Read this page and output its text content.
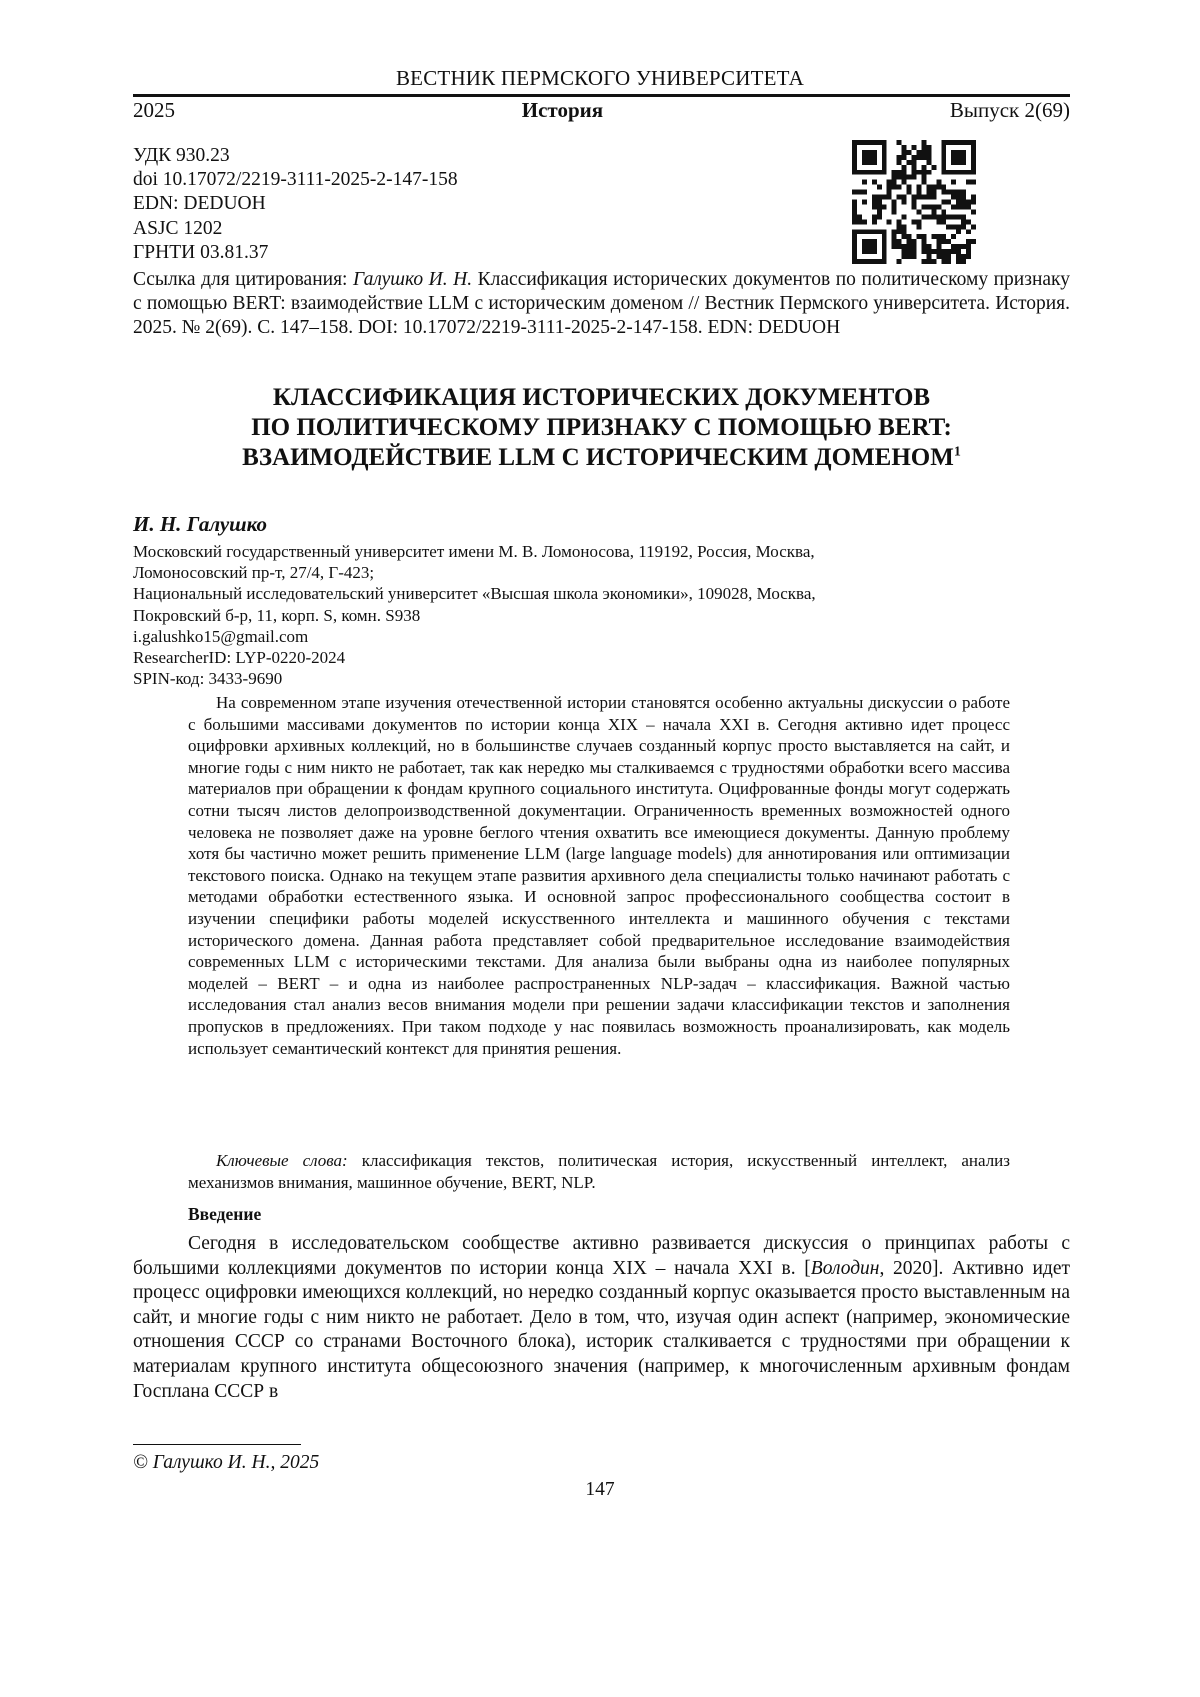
ВЕСТНИК ПЕРМСКОГО УНИВЕРСИТЕТА
2025	История	Выпуск 2(69)
УДК 930.23
doi 10.17072/2219-3111-2025-2-147-158
EDN: DEDUOH
ASJC 1202
ГРНТИ 03.81.37
Ссылка для цитирования: Галушко И. Н. Классификация исторических документов по политическому признаку с помощью BERT: взаимодействие LLM с историческим доменом // Вестник Пермского университета. История. 2025. № 2(69). С. 147–158. DOI: 10.17072/2219-3111-2025-2-147-158. EDN: DEDUOH
КЛАССИФИКАЦИЯ ИСТОРИЧЕСКИХ ДОКУМЕНТОВ
ПО ПОЛИТИЧЕСКОМУ ПРИЗНАКУ С ПОМОЩЬЮ BERT:
ВЗАИМОДЕЙСТВИЕ LLM С ИСТОРИЧЕСКИМ ДОМЕНОМ1
И. Н. Галушко
Московский государственный университет имени М. В. Ломоносова, 119192, Россия, Москва,
Ломоносовский пр-т, 27/4, Г-423;
Национальный исследовательский университет «Высшая школа экономики», 109028, Москва,
Покровский б-р, 11, корп. S, комн. S938
i.galushko15@gmail.com
ResearcherID: LYP-0220-2024
SPIN-код: 3433-9690
На современном этапе изучения отечественной истории становятся особенно актуальны дискуссии о работе с большими массивами документов по истории конца XIX – начала XXI в. Сегодня активно идет процесс оцифровки архивных коллекций, но в большинстве случаев созданный корпус просто выставляется на сайт, и многие годы с ним никто не работает, так как нередко мы сталкиваемся с трудностями обработки всего массива материалов при обращении к фондам крупного социального института. Оцифрованные фонды могут содержать сотни тысяч листов делопроизводственной документации. Ограниченность временных возможностей одного человека не позволяет даже на уровне беглого чтения охватить все имеющиеся документы. Данную проблему хотя бы частично может решить применение LLM (large language models) для аннотирования или оптимизации текстового поиска. Однако на текущем этапе развития архивного дела специалисты только начинают работать с методами обработки естественного языка. И основной запрос профессионального сообщества состоит в изучении специфики работы моделей искусственного интеллекта и машинного обучения с текстами исторического домена. Данная работа представляет собой предварительное исследование взаимодействия современных LLM с историческими текстами. Для анализа были выбраны одна из наиболее популярных моделей – BERT – и одна из наиболее распространенных NLP-задач – классификация. Важной частью исследования стал анализ весов внимания модели при решении задачи классификации текстов и заполнения пропусков в предложениях. При таком подходе у нас появилась возможность проанализировать, как модель использует семантический контекст для принятия решения.
Ключевые слова: классификация текстов, политическая история, искусственный интеллект, анализ механизмов внимания, машинное обучение, BERT, NLP.
Введение
Сегодня в исследовательском сообществе активно развивается дискуссия о принципах работы с большими коллекциями документов по истории конца XIX – начала XXI в. [Володин, 2020]. Активно идет процесс оцифровки имеющихся коллекций, но нередко созданный корпус оказывается просто выставленным на сайт, и многие годы с ним никто не работает. Дело в том, что, изучая один аспект (например, экономические отношения СССР со странами Восточного блока), историк сталкивается с трудностями при обращении к материалам крупного института общесоюзного значения (например, к многочисленным архивным фондам Госплана СССР в
© Галушко И. Н., 2025
147
